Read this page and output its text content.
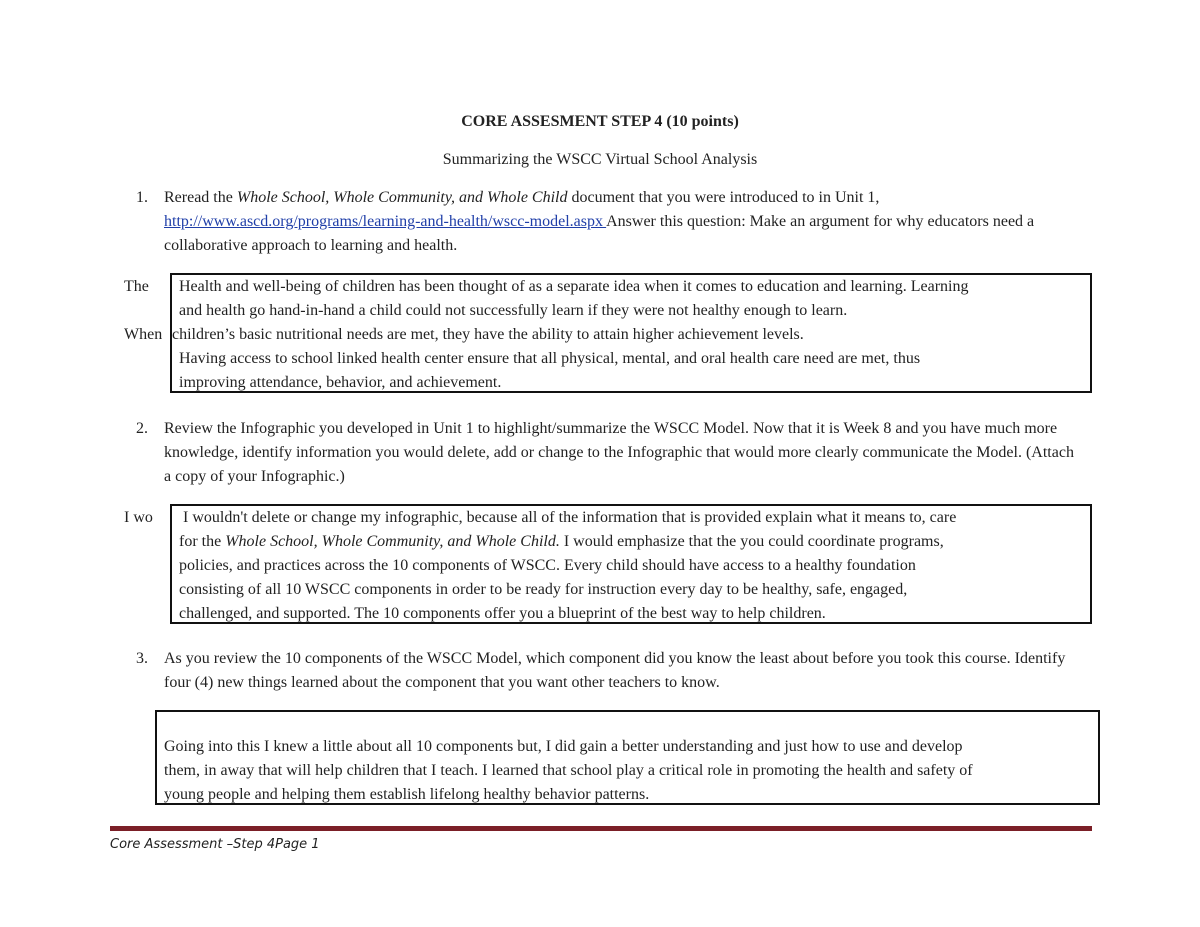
CORE ASSESMENT STEP 4 (10 points)
Summarizing the WSCC Virtual School Analysis
1. Reread the Whole School, Whole Community, and Whole Child document that you were introduced to in Unit 1,
http://www.ascd.org/programs/learning-and-health/wscc-model.aspx Answer this question: Make an argument for why educators need a collaborative approach to learning and health.
The
When
Health and well-being of children has been thought of as a separate idea when it comes to education and learning. Learning
and health go hand-in-hand a child could not successfully learn if they were not healthy enough to learn.
children’s basic nutritional needs are met, they have the ability to attain higher achievement levels.
Having access to school linked health center ensure that all physical, mental, and oral health care need are met, thus
improving attendance, behavior, and achievement.
2. Review the Infographic you developed in Unit 1 to highlight/summarize the WSCC Model. Now that it is Week 8 and you have much more knowledge, identify information you would delete, add or change to the Infographic that would more clearly communicate the Model. (Attach a copy of your Infographic.)
I wo I wouldn't delete or change my infographic, because all of the information that is provided explain what it means to, care
for the Whole School, Whole Community, and Whole Child. I would emphasize that the you could coordinate programs,
policies, and practices across the 10 components of WSCC. Every child should have access to a healthy foundation
consisting of all 10 WSCC components in order to be ready for instruction every day to be healthy, safe, engaged,
challenged, and supported. The 10 components offer you a blueprint of the best way to help children.
3. As you review the 10 components of the WSCC Model, which component did you know the least about before you took this course. Identify four (4) new things learned about the component that you want other teachers to know.
Going into this I knew a little about all 10 components but, I did gain a better understanding and just how to use and develop
them, in away that will help children that I teach. I learned that school play a critical role in promoting the health and safety of
young people and helping them establish lifelong healthy behavior patterns.
Core Assessment –Step 4Page 1
